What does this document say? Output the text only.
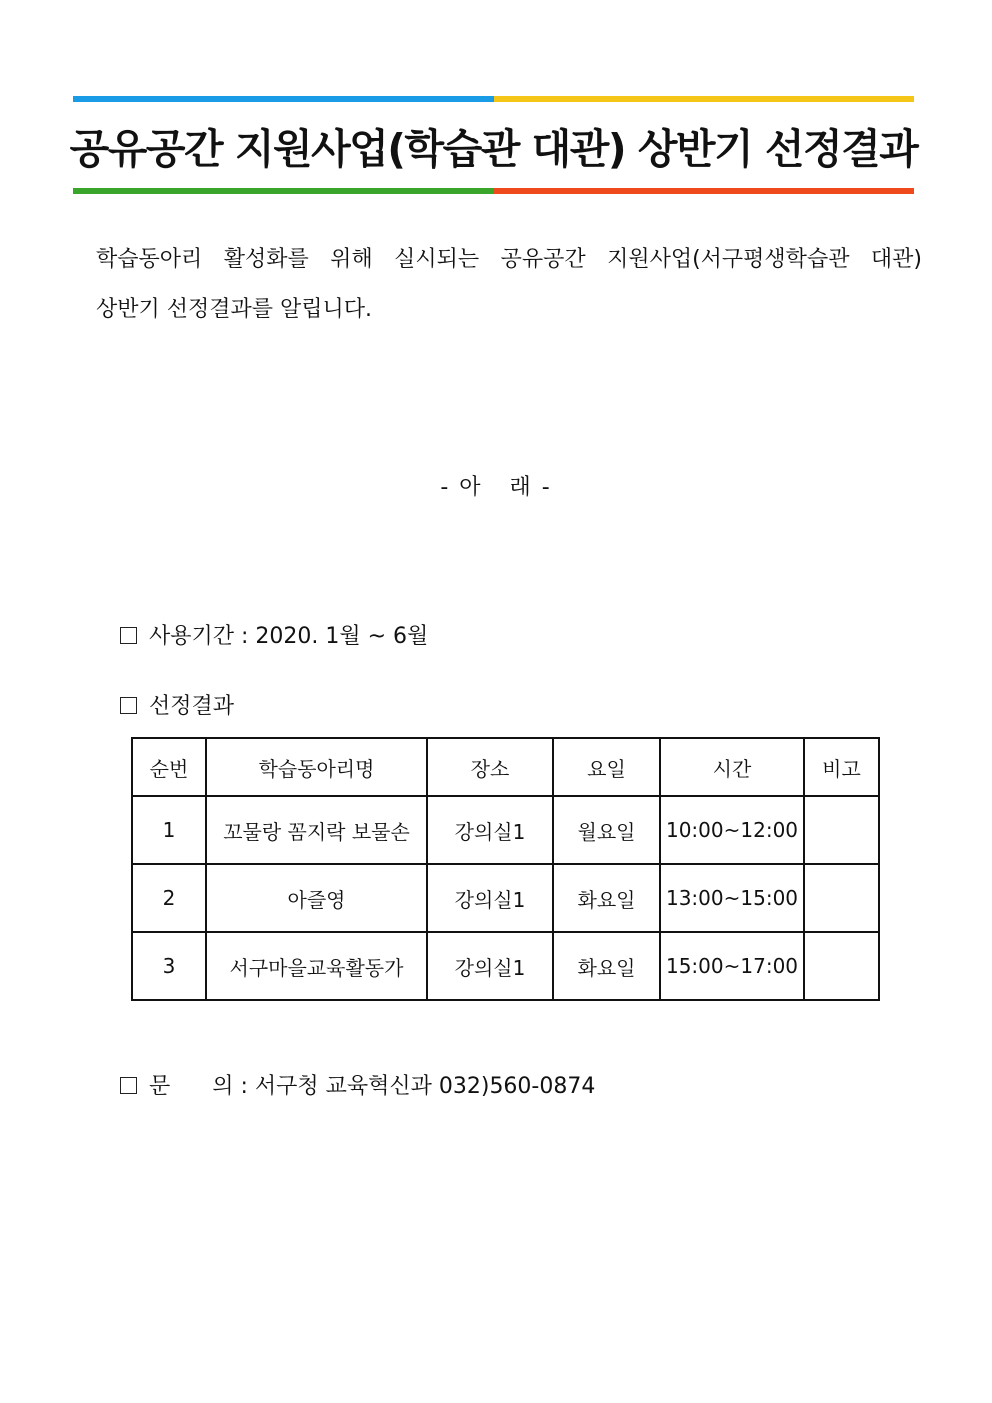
공유공간 지원사업(학습관 대관) 상반기 선정결과
학습동아리 활성화를 위해 실시되는 공유공간 지원사업(서구평생학습관 대관)
상반기 선정결과를 알립니다.
- 아   래 -

사용기간 : 2020. 1월 ~ 6월

선정결과

순번	학습동아리명	장소	요일	시간	비고
1	꼬물랑 꼼지락 보물손	강의실1	월요일	10:00~12:00	
2	아즐영	강의실1	화요일	13:00~15:00	
3	서구마을교육활동가	강의실1	화요일	15:00~17:00	

문      의 : 서구청 교육혁신과 032)560-0874
